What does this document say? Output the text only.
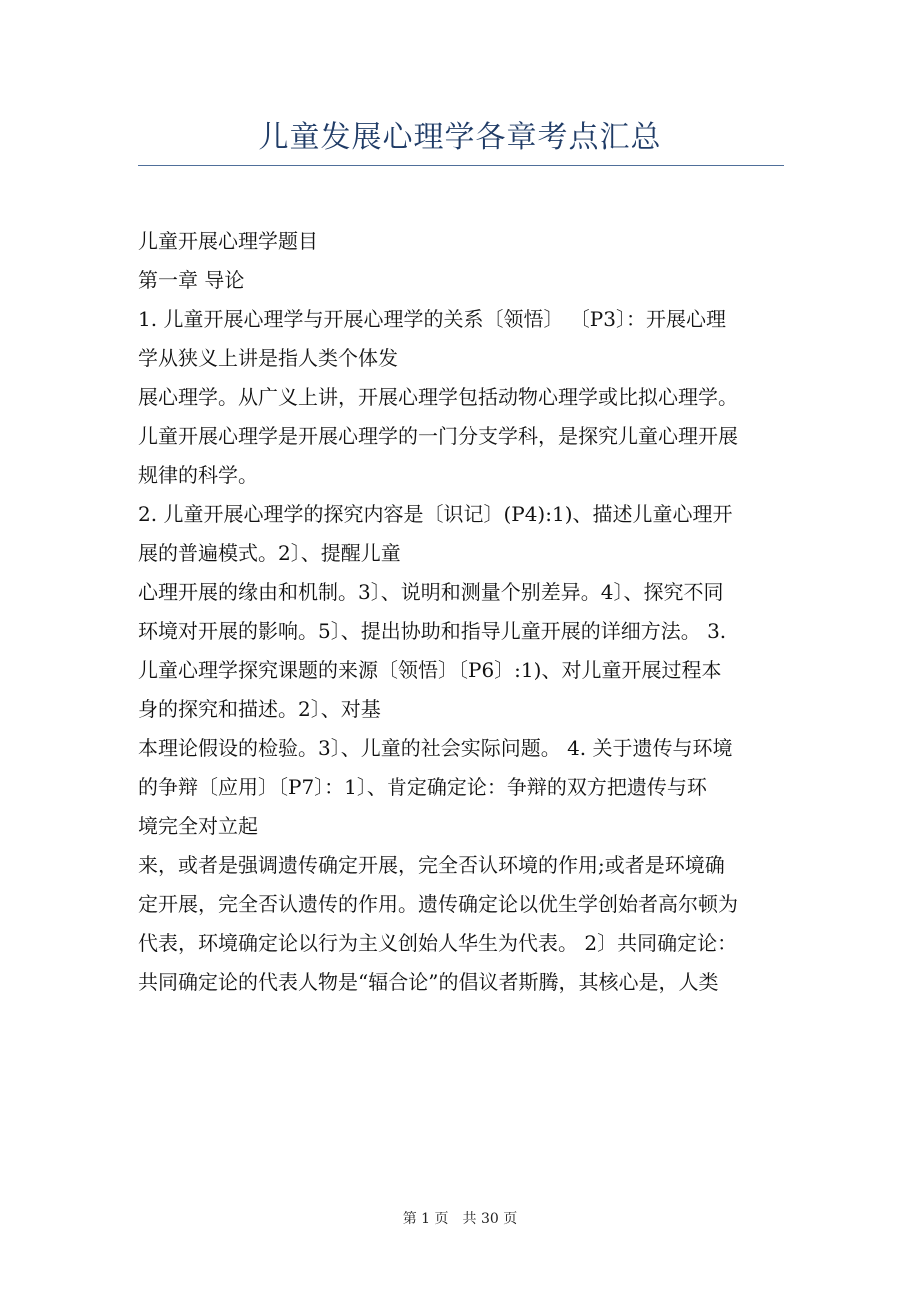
儿童发展心理学各章考点汇总
儿童开展心理学题目
第一章 导论
1. 儿童开展心理学与开展心理学的关系〔领悟〕 〔P3〕：开展心理
学从狭义上讲是指人类个体发
展心理学。从广义上讲，开展心理学包括动物心理学或比拟心理学。
儿童开展心理学是开展心理学的一门分支学科，是探究儿童心理开展
规律的科学。
2. 儿童开展心理学的探究内容是〔识记〕(P4):1)、描述儿童心理开
展的普遍模式。2〕、提醒儿童
心理开展的缘由和机制。3〕、说明和测量个别差异。4〕、探究不同
环境对开展的影响。5〕、提出协助和指导儿童开展的详细方法。 3.
儿童心理学探究课题的来源〔领悟〕〔P6〕:1)、对儿童开展过程本
身的探究和描述。2〕、对基
本理论假设的检验。3〕、儿童的社会实际问题。 4. 关于遗传与环境
的争辩〔应用〕〔P7〕：1〕、肯定确定论：争辩的双方把遗传与环
境完全对立起
来，或者是强调遗传确定开展，完全否认环境的作用;或者是环境确
定开展，完全否认遗传的作用。遗传确定论以优生学创始者高尔顿为
代表，环境确定论以行为主义创始人华生为代表。 2〕共同确定论：
共同确定论的代表人物是“辐合论”的倡议者斯腾，其核心是，人类
第 1 页　共 30 页
